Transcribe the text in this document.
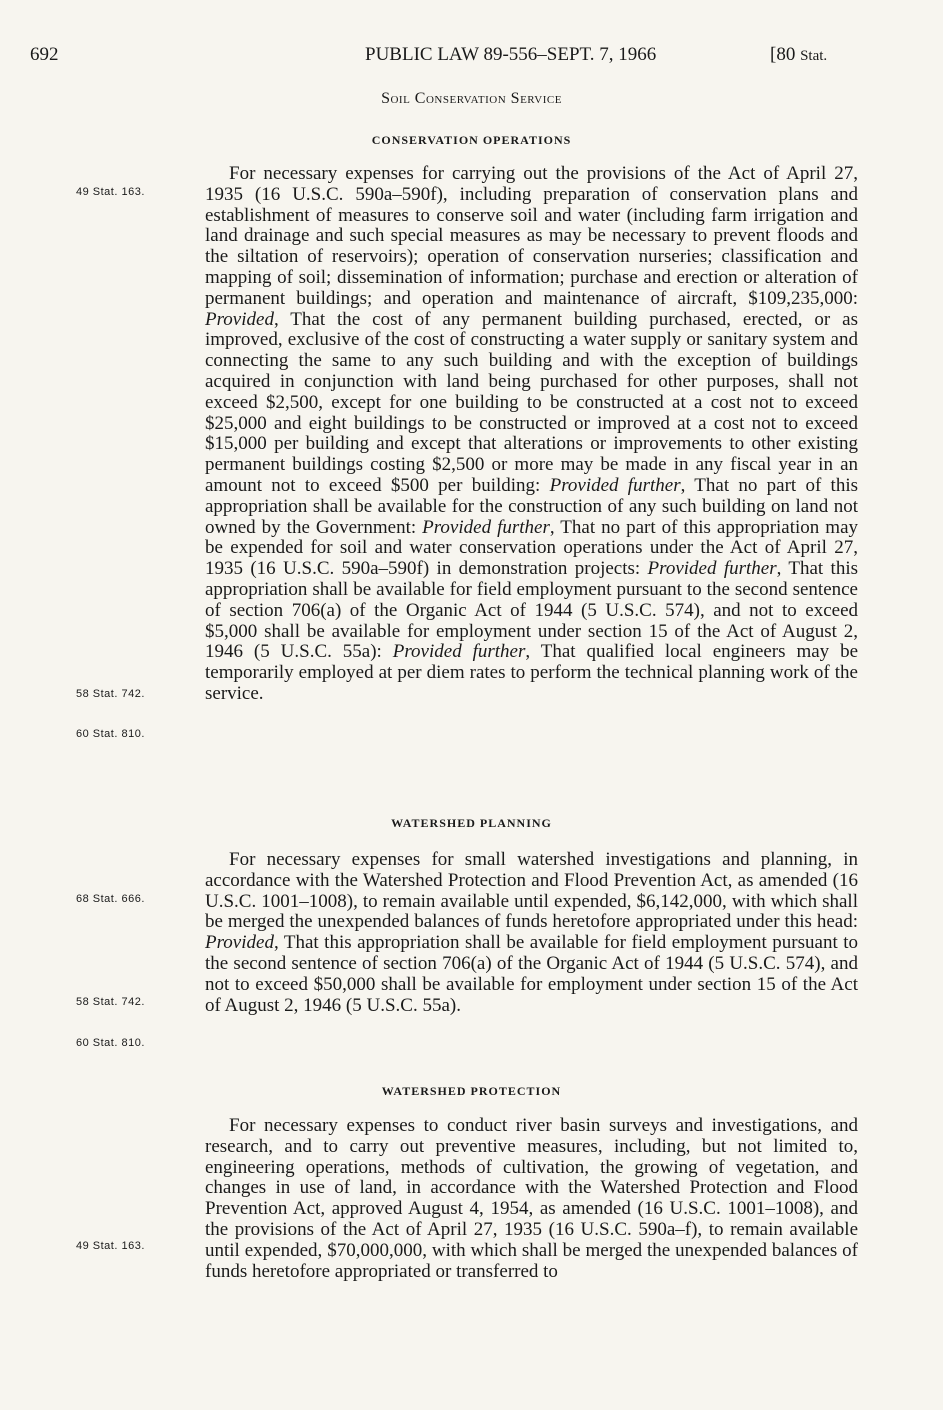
692	PUBLIC LAW 89-556–SEPT. 7, 1966	[80 Stat.
Soil Conservation Service
CONSERVATION OPERATIONS
For necessary expenses for carrying out the provisions of the Act of April 27, 1935 (16 U.S.C. 590a–590f), including preparation of conservation plans and establishment of measures to conserve soil and water (including farm irrigation and land drainage and such special measures as may be necessary to prevent floods and the siltation of reservoirs); operation of conservation nurseries; classification and mapping of soil; dissemination of information; purchase and erection or alteration of permanent buildings; and operation and maintenance of aircraft, $109,235,000: Provided, That the cost of any permanent building purchased, erected, or as improved, exclusive of the cost of constructing a water supply or sanitary system and connecting the same to any such building and with the exception of buildings acquired in conjunction with land being purchased for other purposes, shall not exceed $2,500, except for one building to be constructed at a cost not to exceed $25,000 and eight buildings to be constructed or improved at a cost not to exceed $15,000 per building and except that alterations or improvements to other existing permanent buildings costing $2,500 or more may be made in any fiscal year in an amount not to exceed $500 per building: Provided further, That no part of this appropriation shall be available for the construction of any such building on land not owned by the Government: Provided further, That no part of this appropriation may be expended for soil and water conservation operations under the Act of April 27, 1935 (16 U.S.C. 590a–590f) in demonstration projects: Provided further, That this appropriation shall be available for field employment pursuant to the second sentence of section 706(a) of the Organic Act of 1944 (5 U.S.C. 574), and not to exceed $5,000 shall be available for employment under section 15 of the Act of August 2, 1946 (5 U.S.C. 55a): Provided further, That qualified local engineers may be temporarily employed at per diem rates to perform the technical planning work of the service.
WATERSHED PLANNING
For necessary expenses for small watershed investigations and planning, in accordance with the Watershed Protection and Flood Prevention Act, as amended (16 U.S.C. 1001–1008), to remain available until expended, $6,142,000, with which shall be merged the unexpended balances of funds heretofore appropriated under this head: Provided, That this appropriation shall be available for field employment pursuant to the second sentence of section 706(a) of the Organic Act of 1944 (5 U.S.C. 574), and not to exceed $50,000 shall be available for employment under section 15 of the Act of August 2, 1946 (5 U.S.C. 55a).
WATERSHED PROTECTION
For necessary expenses to conduct river basin surveys and investigations, and research, and to carry out preventive measures, including, but not limited to, engineering operations, methods of cultivation, the growing of vegetation, and changes in use of land, in accordance with the Watershed Protection and Flood Prevention Act, approved August 4, 1954, as amended (16 U.S.C. 1001–1008), and the provisions of the Act of April 27, 1935 (16 U.S.C. 590a–f), to remain available until expended, $70,000,000, with which shall be merged the unexpended balances of funds heretofore appropriated or transferred to
49 Stat. 163.
58 Stat. 742.
60 Stat. 810.
68 Stat. 666.
58 Stat. 742.
60 Stat. 810.
49 Stat. 163.
